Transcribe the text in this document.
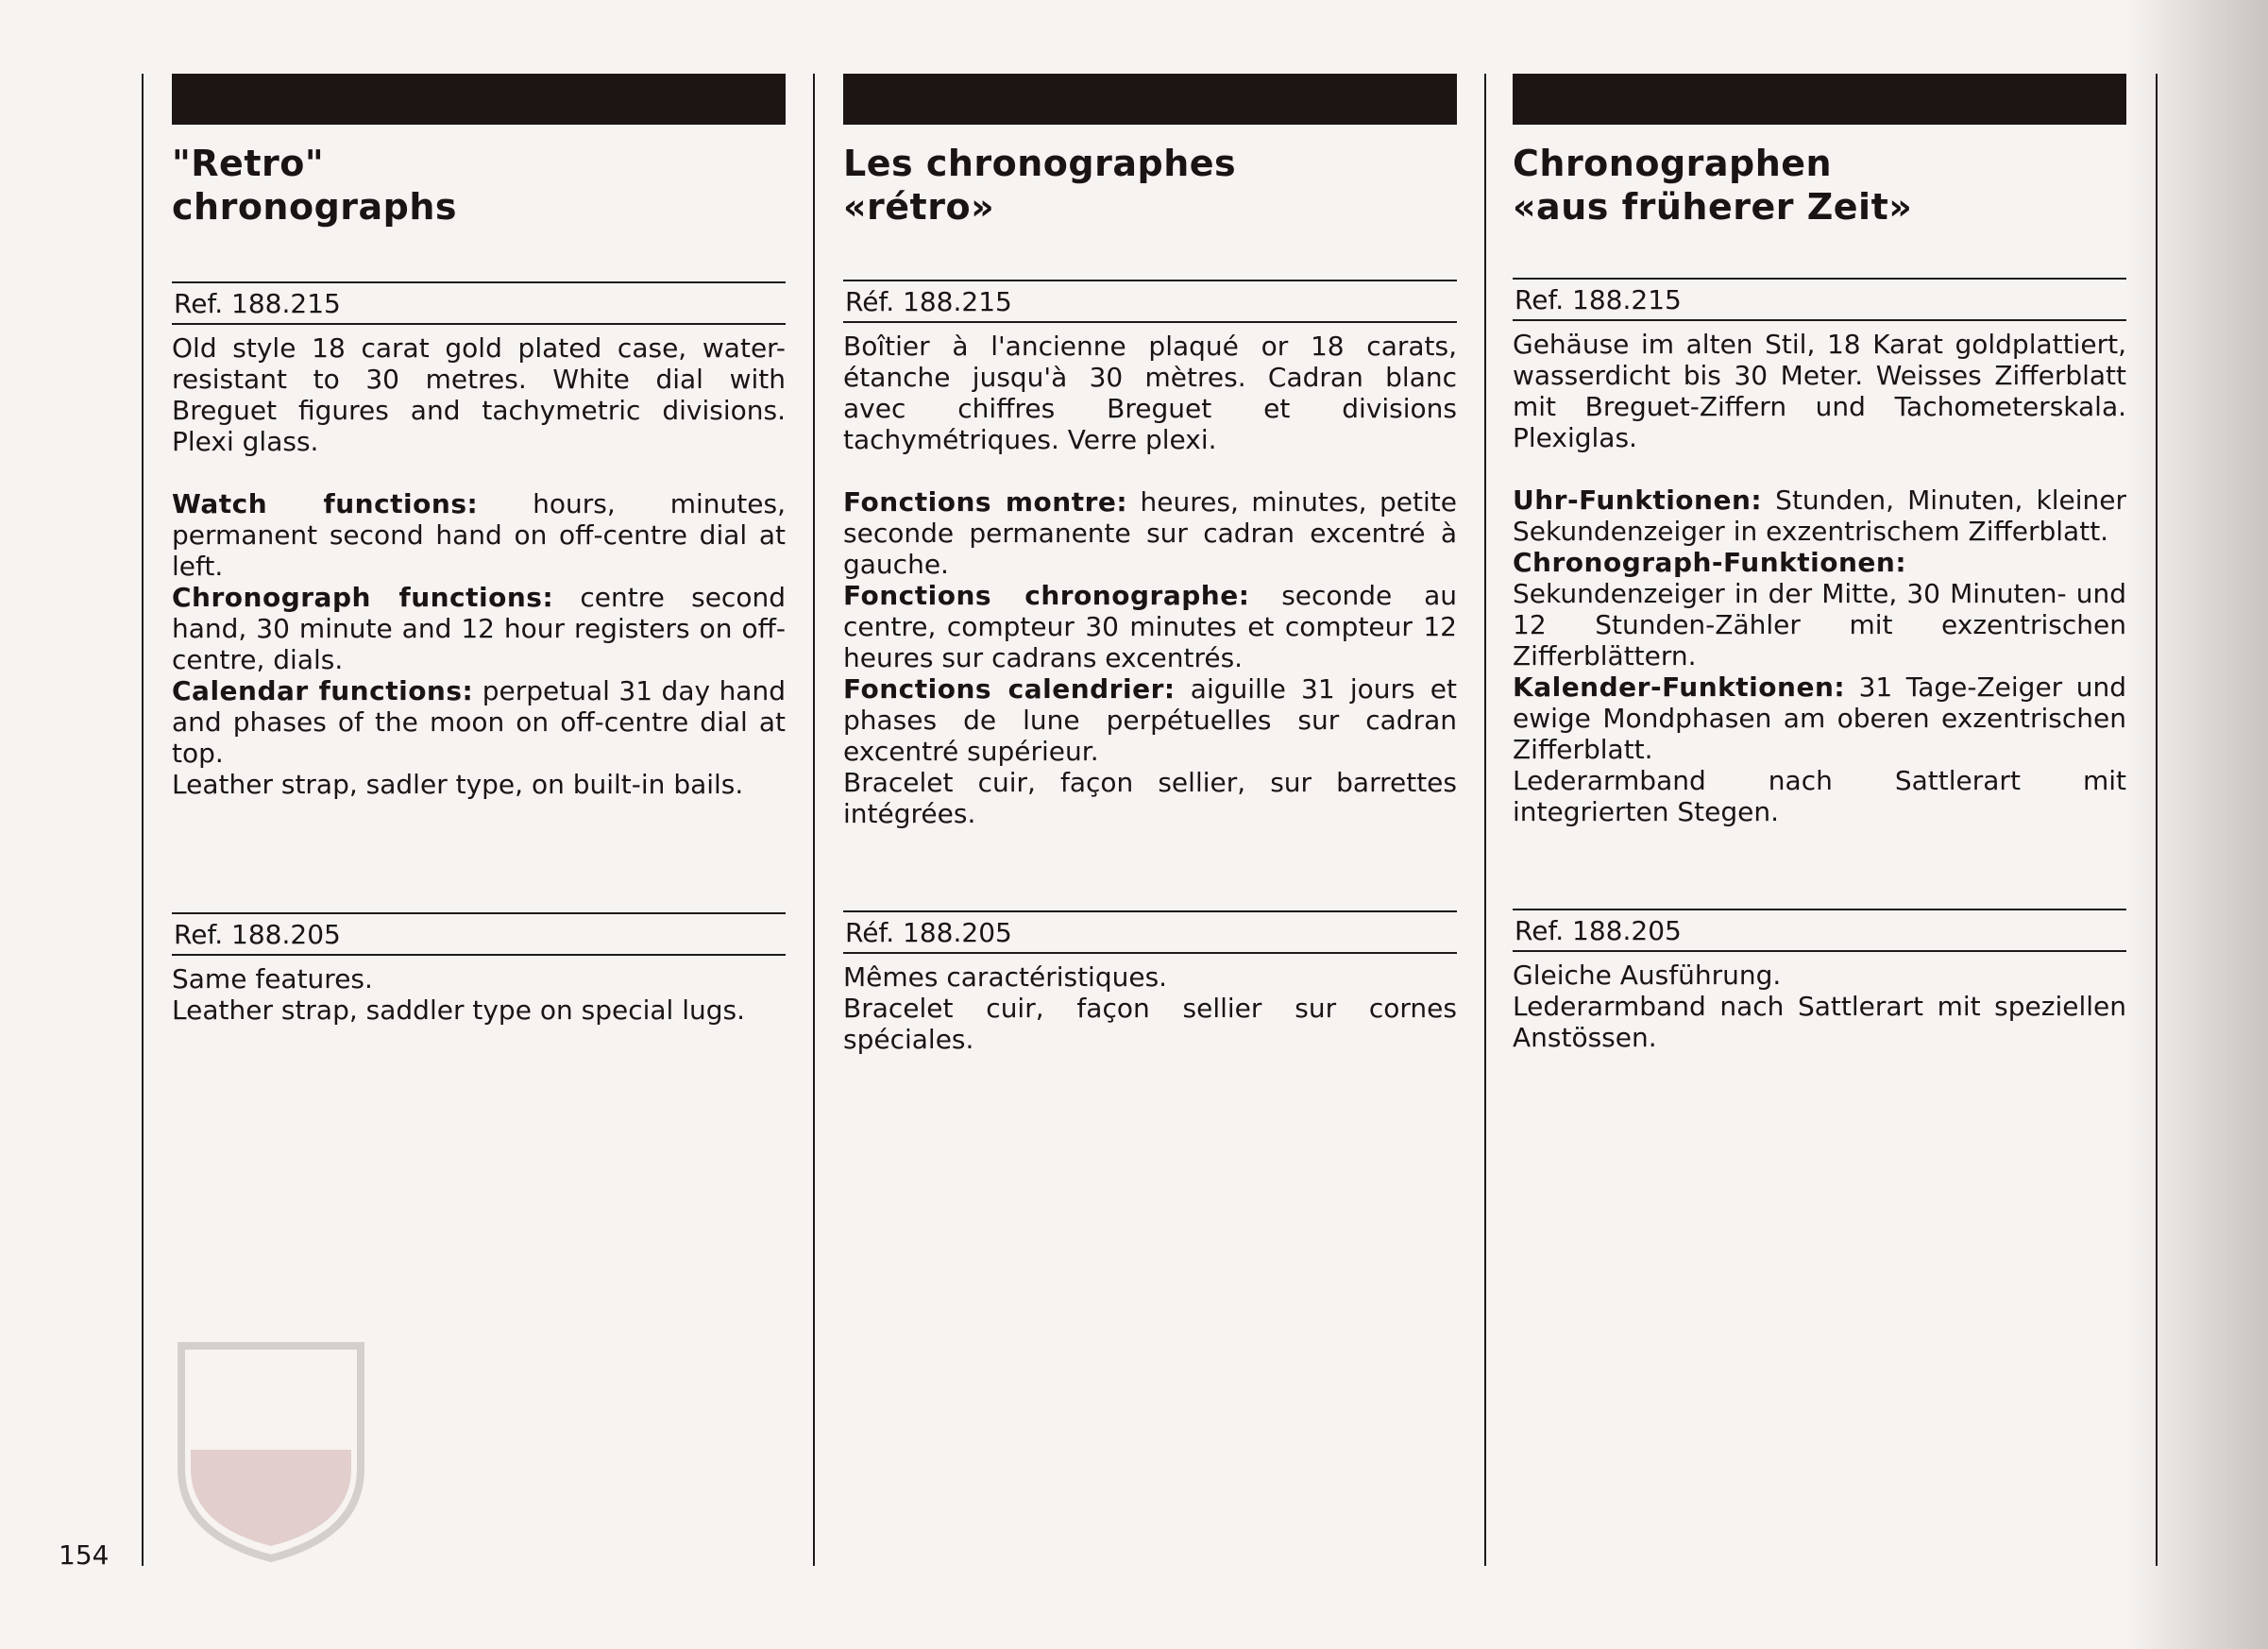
"Retro"
chronographs
Ref. 188.215

Old style 18 carat gold plated case, water-resistant to 30 metres. White dial with Breguet figures and tachymetric divisions. Plexi glass.

Watch functions: hours, minutes, permanent second hand on off-centre dial at left.

Chronograph functions: centre second hand, 30 minute and 12 hour registers on off-centre, dials.

Calendar functions: perpetual 31 day hand and phases of the moon on off-centre dial at top.

Leather strap, sadler type, on built-in bails.

Ref. 188.205

Same features.

Leather strap, saddler type on special lugs.

Les chronographes
«rétro»
Réf. 188.215

Boîtier à l'ancienne plaqué or 18 carats, étanche jusqu'à 30 mètres. Cadran blanc avec chiffres Breguet et divisions tachymétriques. Verre plexi.

Fonctions montre: heures, minutes, petite seconde permanente sur cadran excentré à gauche.

Fonctions chronographe: seconde au centre, compteur 30 minutes et compteur 12 heures sur cadrans excentrés.

Fonctions calendrier: aiguille 31 jours et phases de lune perpétuelles sur cadran excentré supérieur.

Bracelet cuir, façon sellier, sur barrettes intégrées.

Réf. 188.205

Mêmes caractéristiques.

Bracelet cuir, façon sellier sur cornes spéciales.

Chronographen
«aus früherer Zeit»
Ref. 188.215

Gehäuse im alten Stil, 18 Karat goldplattiert, wasserdicht bis 30 Meter. Weisses Zifferblatt mit Breguet-Ziffern und Tachometerskala. Plexiglas.

Uhr-Funktionen: Stunden, Minuten, kleiner Sekundenzeiger in exzentrischem Zifferblatt.

Chronograph-Funktionen: Sekundenzeiger in der Mitte, 30 Minuten- und 12 Stunden-Zähler mit exzentrischen Zifferblättern.

Kalender-Funktionen: 31 Tage-Zeiger und ewige Mondphasen am oberen exzentrischen Zifferblatt.

Lederarmband nach Sattlerart mit integrierten Stegen.

Ref. 188.205

Gleiche Ausführung.

Lederarmband nach Sattlerart mit speziellen Anstössen.

154
